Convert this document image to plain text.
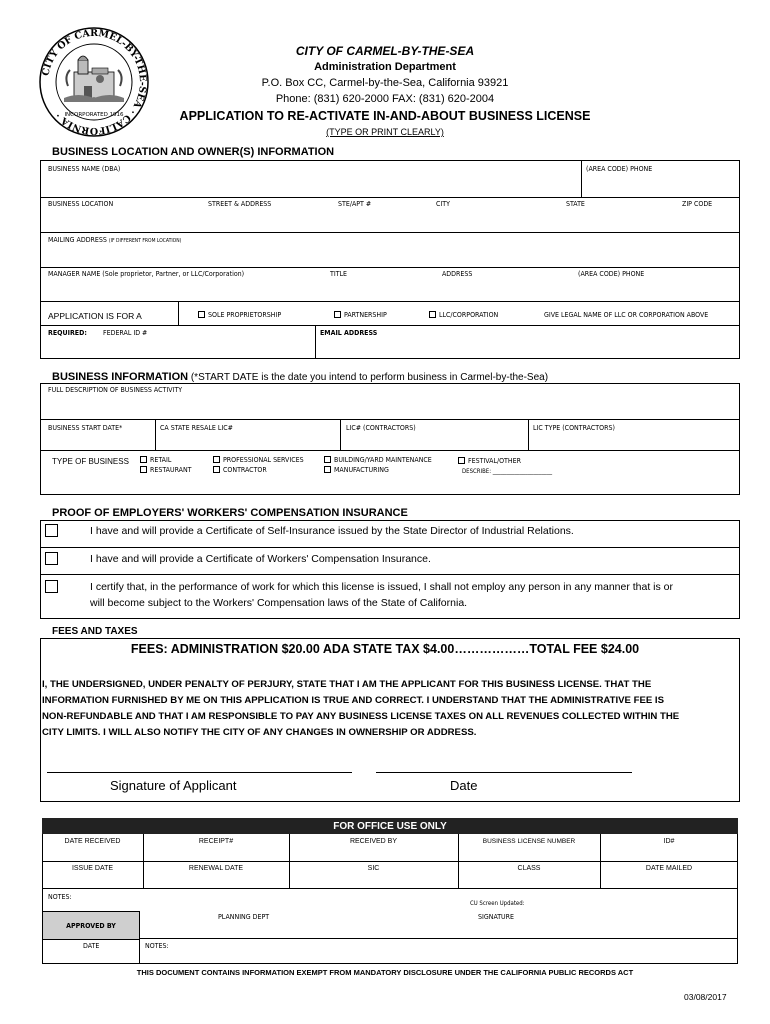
CITY OF CARMEL-BY-THE-SEA · CALIFORNIA · INCORPORATED 1916
CITY OF CARMEL-BY-THE-SEA
Administration Department
P.O. Box CC, Carmel-by-the-Sea, California 93921
Phone: (831) 620-2000 FAX: (831) 620-2004
APPLICATION TO RE-ACTIVATE IN-AND-ABOUT BUSINESS LICENSE
(TYPE OR PRINT CLEARLY)
BUSINESS LOCATION AND OWNER(S) INFORMATION
BUSINESS NAME (DBA)	(AREA CODE) PHONE
BUSINESS LOCATION	STREET & ADDRESS	STE/APT #	CITY	STATE	ZIP CODE
MAILING ADDRESS (IF DIFFERENT FROM LOCATION)
MANAGER NAME (Sole proprietor, Partner, or LLC/Corporation)	TITLE	ADDRESS	(AREA CODE) PHONE
APPLICATION IS FOR A	SOLE PROPRIETORSHIP	PARTNERSHIP	LLC/CORPORATION	GIVE LEGAL NAME OF LLC OR CORPORATION ABOVE
REQUIRED: FEDERAL ID #	EMAIL ADDRESS
BUSINESS INFORMATION (*START DATE is the date you intend to perform business in Carmel-by-the-Sea)
FULL DESCRIPTION OF BUSINESS ACTIVITY
BUSINESS START DATE*	CA STATE RESALE LIC#	LIC# (CONTRACTORS)	LIC TYPE (CONTRACTORS)
TYPE OF BUSINESS	RETAIL
RESTAURANT
PROFESSIONAL SERVICES
CONTRACTOR
BUILDING/YARD MAINTENANCE
MANUFACTURING
FESTIVAL/OTHER
DESCRIBE: ______________________
PROOF OF EMPLOYERS' WORKERS' COMPENSATION INSURANCE
I have and will provide a Certificate of Self-Insurance issued by the State Director of Industrial Relations.
I have and will provide a Certificate of Workers' Compensation Insurance.
I certify that, in the performance of work for which this license is issued, I shall not employ any person in any manner that is or
will become subject to the Workers' Compensation laws of the State of California.
FEES AND TAXES
FEES: ADMINISTRATION $20.00 ADA STATE TAX $4.00………………TOTAL FEE $24.00
I, THE UNDERSIGNED, UNDER PENALTY OF PERJURY, STATE THAT I AM THE APPLICANT FOR THIS BUSINESS LICENSE. THAT THE
INFORMATION FURNISHED BY ME ON THIS APPLICATION IS TRUE AND CORRECT. I UNDERSTAND THAT THE ADMINISTRATIVE FEE IS
NON-REFUNDABLE AND THAT I AM RESPONSIBLE TO PAY ANY BUSINESS LICENSE TAXES ON ALL REVENUES COLLECTED WITHIN THE
CITY LIMITS. I WILL ALSO NOTIFY THE CITY OF ANY CHANGES IN OWNERSHIP OR ADDRESS.
Signature of Applicant	Date
FOR OFFICE USE ONLY
DATE RECEIVED	RECEIPT#	RECEIVED BY	BUSINESS LICENSE NUMBER	ID#
ISSUE DATE	RENEWAL DATE	SIC	CLASS	DATE MAILED
NOTES:
CU Screen Updated:
APPROVED BY
PLANNING DEPT	SIGNATURE
DATE	NOTES:
THIS DOCUMENT CONTAINS INFORMATION EXEMPT FROM MANDATORY DISCLOSURE UNDER THE CALIFORNIA PUBLIC RECORDS ACT
03/08/2017
